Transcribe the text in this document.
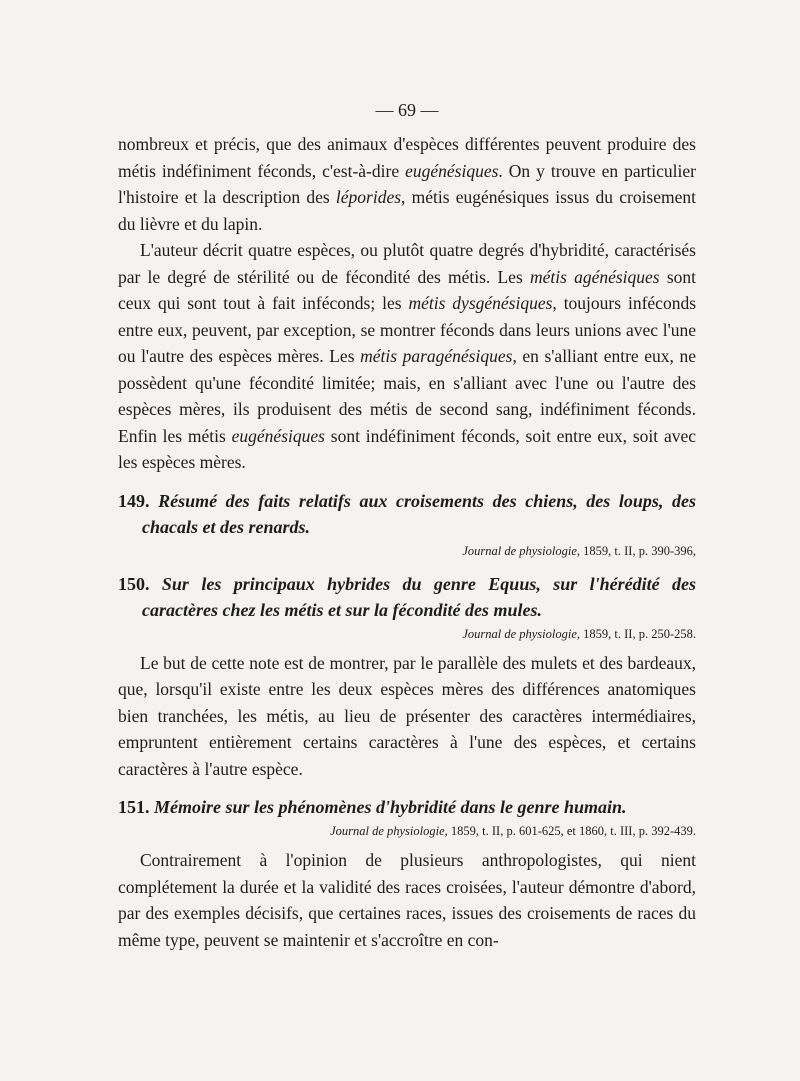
— 69 —

nombreux et précis, que des animaux d'espèces différentes peuvent produire des métis indéfiniment féconds, c'est-à-dire eugénésiques. On y trouve en particulier l'histoire et la description des léporides, métis eugénésiques issus du croisement du lièvre et du lapin.

L'auteur décrit quatre espèces, ou plutôt quatre degrés d'hybridité, caractérisés par le degré de stérilité ou de fécondité des métis. Les métis agénésiques sont ceux qui sont tout à fait inféconds; les métis dysgénésiques, toujours inféconds entre eux, peuvent, par exception, se montrer féconds dans leurs unions avec l'une ou l'autre des espèces mères. Les métis paragénésiques, en s'alliant entre eux, ne possèdent qu'une fécondité limitée; mais, en s'alliant avec l'une ou l'autre des espèces mères, ils produisent des métis de second sang, indéfiniment féconds. Enfin les métis eugénésiques sont indéfiniment féconds, soit entre eux, soit avec les espèces mères.

149. Résumé des faits relatifs aux croisements des chiens, des loups, des chacals et des renards.
Journal de physiologie, 1859, t. II, p. 390-396,
150. Sur les principaux hybrides du genre Equus, sur l'hérédité des caractères chez les métis et sur la fécondité des mules.
Journal de physiologie, 1859, t. II, p. 250-258.

Le but de cette note est de montrer, par le parallèle des mulets et des bardeaux, que, lorsqu'il existe entre les deux espèces mères des différences anatomiques bien tranchées, les métis, au lieu de présenter des caractères intermédiaires, empruntent entièrement certains caractères à l'une des espèces, et certains caractères à l'autre espèce.

151. Mémoire sur les phénomènes d'hybridité dans le genre humain.
Journal de physiologie, 1859, t. II, p. 601-625, et 1860, t. III, p. 392-439.

Contrairement à l'opinion de plusieurs anthropologistes, qui nient complétement la durée et la validité des races croisées, l'auteur démontre d'abord, par des exemples décisifs, que certaines races, issues des croisements de races du même type, peuvent se maintenir et s'accroître en con-
